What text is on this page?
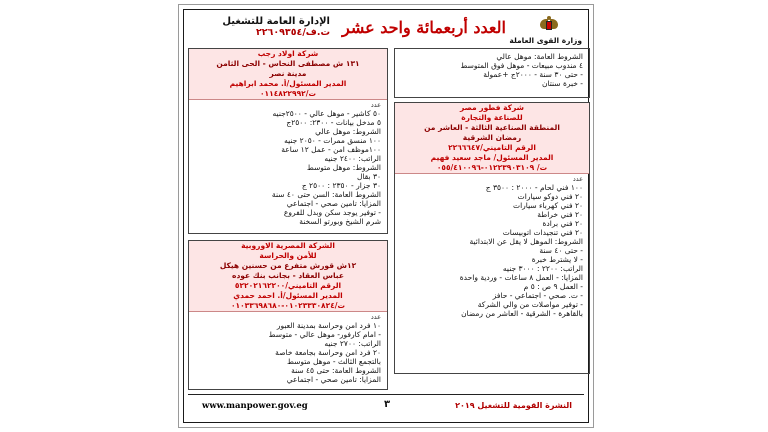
الإدارة العامة للتشغيل
ت.ف/٢٢٦٠٩٣٥٤ العدد أربعمائة واحد عشر
وزارة القوى العاملة
شركة اولاد رجب
١٣١ ش مصطفى النحاس - الحى الثامن
مدينة نصر
المدير المسئول/أ. محمد ابراهيم
ت/٠١١٤٨٢٢٩٩٢
عدد
٥٠ كاشير - موهل عالي - ٢٥٠٠جنيه
٥ مدخل بيانات - ٢٣٠٠: ٢٥٠٠ج
الشروط: موهل عالي
١٠٠ منسق ممرات - ٢٠٥٠ جنيه
١٠٠موظف امن - عمل ١٢ ساعة
الراتب: ٢٤٠٠ جنيه
الشروط: موهل متوسط
٣٠ بقال
٣٠ جزار - ٢٣٥٠ : ٢٥٠٠ ج
الشروط العامة: السن حتى ٤٠ سنة
المزايا: تامين صحي - اجتماعي
- توفير يوجد سكن وبدل للفروع
شرم الشيخ وبورتو السخنة
الشركة المصرية الاوروبية
للأمن والحراسة
١٢ش قورش متفرع من حسنين هيكل
عباس العقاد - بجانب بنك عوده
الرقم التاميني/٥٢٢٠٢١٦٢٢٠٠
المدير المسئول/أ. احمد حمدي
ت/٠١٠٢٣٣٣٠٨٢٤-٠١٠٣٣٦٩٨٦٨٠
عدد
١٠ فرد امن وحراسة بمدينة العبور
- امام كارفور- موهل عالي - متوسط
الراتب: ٢٧٠٠ جنيه
٢٠ فرد امن وحراسة بجامعة خاصة
بالتجمع الثالث - موهل متوسط
الشروط العامة: حتى ٤٥ سنة
المزايا: تامين صحي - اجتماعي
الشروط العامة: موهل عالي
٤ مندوب مبيعات - موهل فوق المتوسط
- حتى ٣٠ سنة - ٢٠٠٠ج +عمولة
- خبرة سنتان
شركة فطور مصر
للصناعة والتجارة
المنطقة الصناعية الثالثة - العاشر من
رمضان الشرقية
الرقم التاميني/٢٢٦٦٦٤٧
المدير المسئول/ ماجد سعيد فهيم
ت/ ٠١٢٢٣٩٠٣١٠٩-٠٥٥/٤١٠٠٩٦
عدد
١٠٠ فني لحام - ٢٠٠٠ : ٣٥٠٠ ج
٢٠ فني دوكو سيارات
٢٠ فني كهرباء سيارات
٢٠ فني خراطة
٢٠ فني برادة
٢٠ فني تنجيدات اتوبيسات
الشروط: الموهل لا يقل عن الابتدائية
- حتى ٤٠ سنة
- لا يشترط خبرة
الراتب: ٢٢٠٠ : ٣٠٠٠ جنيه
المزايا: - العمل ٨ ساعات - وردية واحدة
- العمل ٩ ص : ٥ م
- ت. صحي - اجتماعي - حافز
- توفير مواصلات من والي الشركة
بالقاهرة - الشرقية - العاشر من رمضان
www.manpower.gov.eg	٣	النشرة القومية للتشغيل ٢٠١٩
